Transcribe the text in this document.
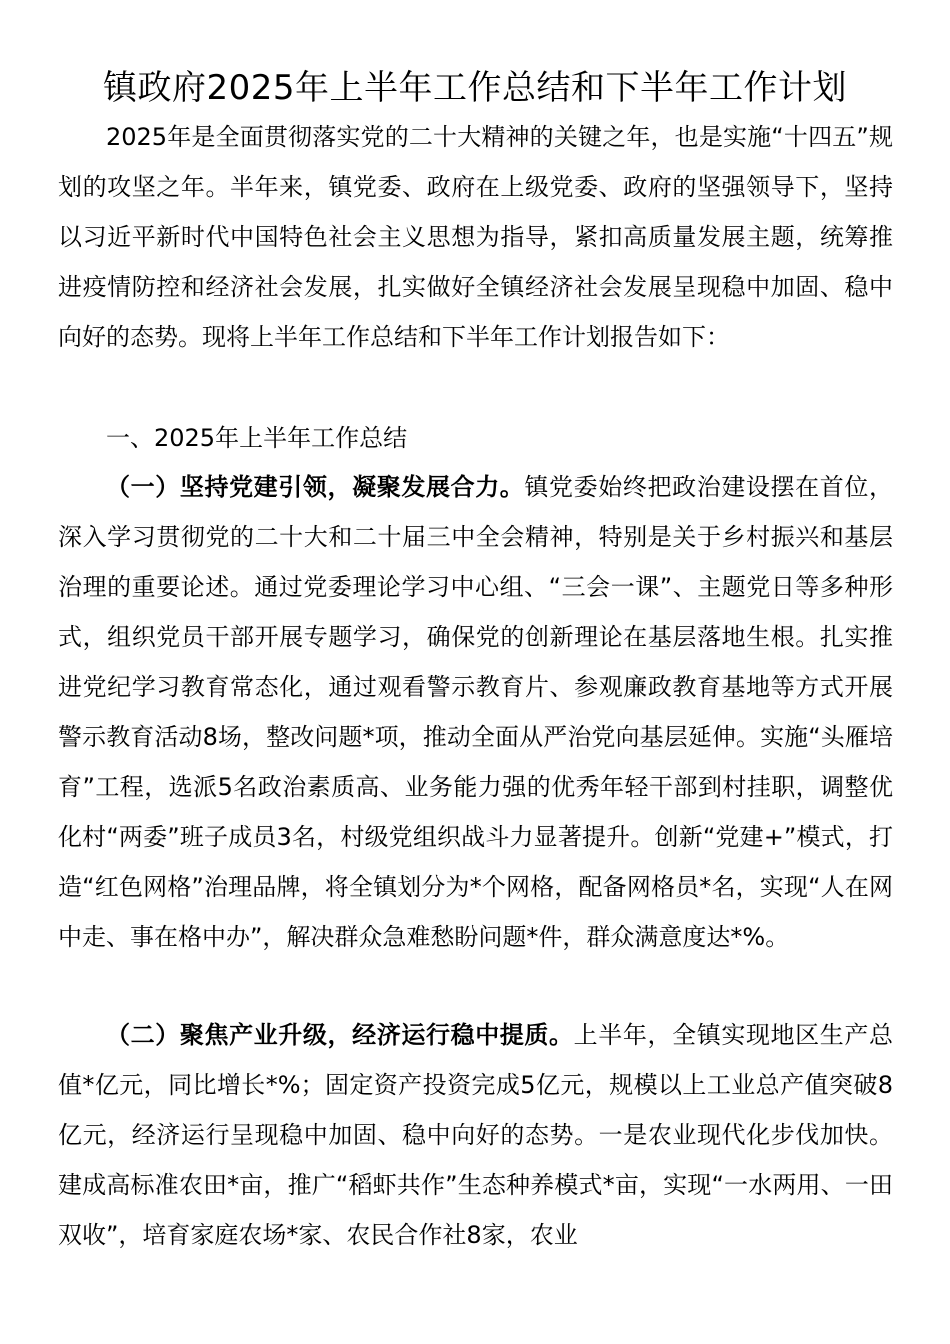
镇政府2025年上半年工作总结和下半年工作计划

2025年是全面贯彻落实党的二十大精神的关键之年，也是实施“十四五”规划的攻坚之年。半年来，镇党委、政府在上级党委、政府的坚强领导下，坚持以习近平新时代中国特色社会主义思想为指导，紧扣高质量发展主题，统筹推进疫情防控和经济社会发展，扎实做好全镇经济社会发展呈现稳中加固、稳中向好的态势。现将上半年工作总结和下半年工作计划报告如下：

一、2025年上半年工作总结

（一）坚持党建引领，凝聚发展合力。镇党委始终把政治建设摆在首位，深入学习贯彻党的二十大和二十届三中全会精神，特别是关于乡村振兴和基层治理的重要论述。通过党委理论学习中心组、“三会一课”、主题党日等多种形式，组织党员干部开展专题学习，确保党的创新理论在基层落地生根。扎实推进党纪学习教育常态化，通过观看警示教育片、参观廉政教育基地等方式开展警示教育活动8场，整改问题*项，推动全面从严治党向基层延伸。实施“头雁培育”工程，选派5名政治素质高、业务能力强的优秀年轻干部到村挂职，调整优化村“两委”班子成员3名，村级党组织战斗力显著提升。创新“党建+”模式，打造“红色网格”治理品牌，将全镇划分为*个网格，配备网格员*名，实现“人在网中走、事在格中办”，解决群众急难愁盼问题*件，群众满意度达*%。

（二）聚焦产业升级，经济运行稳中提质。上半年，全镇实现地区生产总值*亿元，同比增长*%；固定资产投资完成5亿元，规模以上工业总产值突破8亿元，经济运行呈现稳中加固、稳中向好的态势。一是农业现代化步伐加快。建成高标准农田*亩，推广“稻虾共作”生态种养模式*亩，实现“一水两用、一田双收”，培育家庭农场*家、农民合作社8家，农业
